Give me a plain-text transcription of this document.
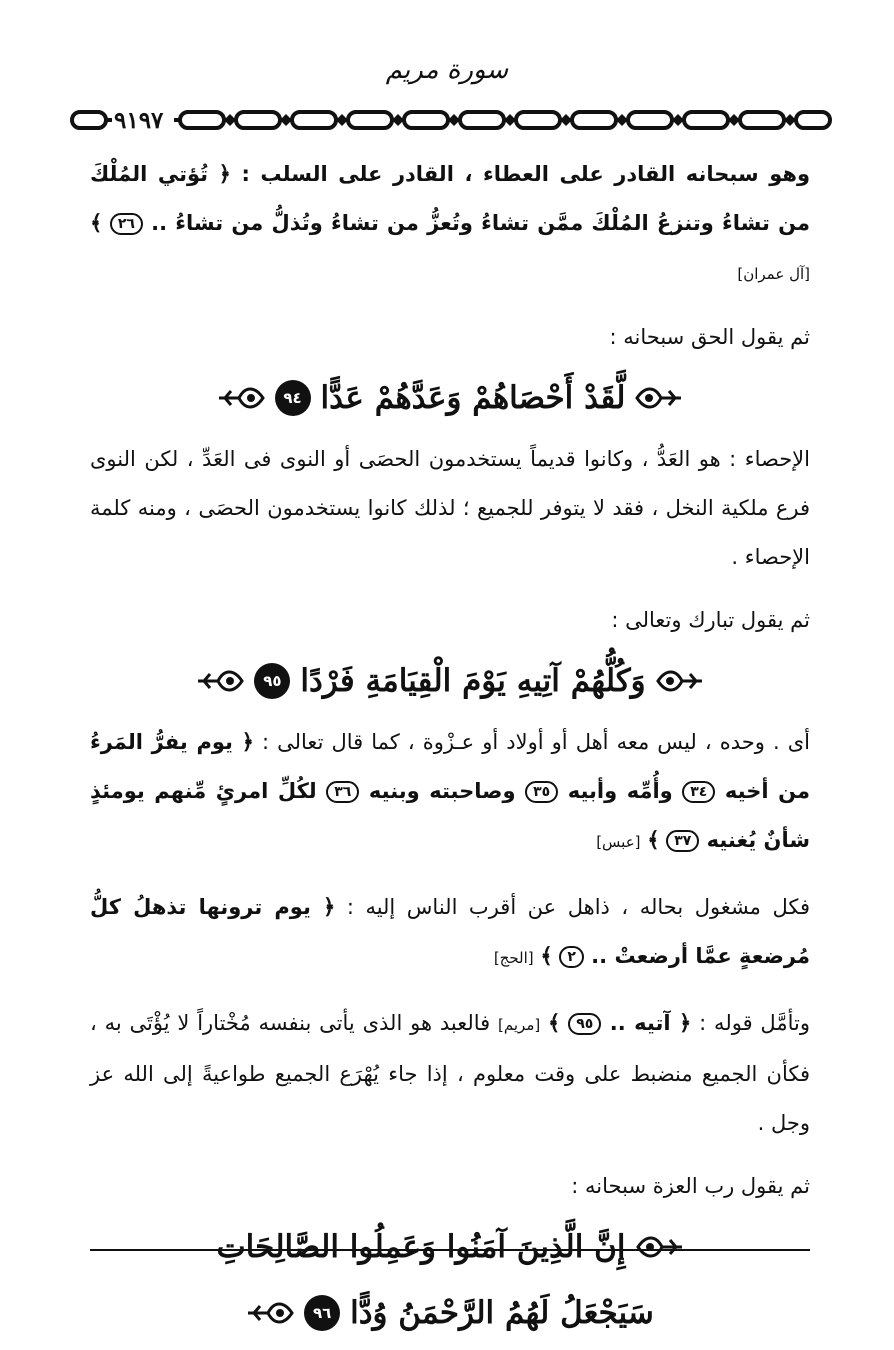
سورة مريم
٩١٩٧

وهو سبحانه القادر على العطاء ، القادر على السلب : ﴿ تُؤتي المُلْكَ من تشاءُ وتنزعُ المُلْكَ ممَّن تشاءُ وتُعزُّ من تشاءُ وتُذلُّ من تشاءُ .. ٢٦ ﴾ [آل عمران]

ثم يقول الحق سبحانه :

لَّقَدْ أَحْصَاهُمْ وَعَدَّهُمْ عَدًّا
٩٤

الإحصاء : هو العَدُّ ، وكانوا قديماً يستخدمون الحصَى أو النوى فى العَدِّ ، لكن النوى فرع ملكية النخل ، فقد لا يتوفر للجميع ؛ لذلك كانوا يستخدمون الحصَى ، ومنه كلمة الإحصاء .

ثم يقول تبارك وتعالى :

وَكُلُّهُمْ آتِيهِ يَوْمَ الْقِيَامَةِ فَرْدًا
٩٥

أى . وحده ، ليس معه أهل أو أولاد أو عـزْوة ، كما قال تعالى : ﴿ يوم يفرُّ المَرءُ من أخيه ٣٤ وأُمِّه وأبيه ٣٥ وصاحبته وبنيه ٣٦ لكُلِّ امرئٍ مِّنهم يومئذٍ شأنٌ يُغنيه ٣٧ ﴾ [عبس]

فكل مشغول بحاله ، ذاهل عن أقرب الناس إليه : ﴿ يوم ترونها تذهلُ كلُّ مُرضعةٍ عمَّا أرضعتْ .. ٢ ﴾ [الحج]

وتأمَّل قوله : ﴿ آتيه .. ٩٥ ﴾ [مريم] فالعبد هو الذى يأتى بنفسه مُخْتاراً لا يُؤْتَى به ، فكأن الجميع منضبط على وقت معلوم ، إذا جاء يُهْرَع الجميع طواعيةً إلى الله عز وجل .

ثم يقول رب العزة سبحانه :

إِنَّ الَّذِينَ آمَنُوا وَعَمِلُوا الصَّالِحَاتِ

سَيَجْعَلُ لَهُمُ الرَّحْمَنُ وُدًّا
٩٦
